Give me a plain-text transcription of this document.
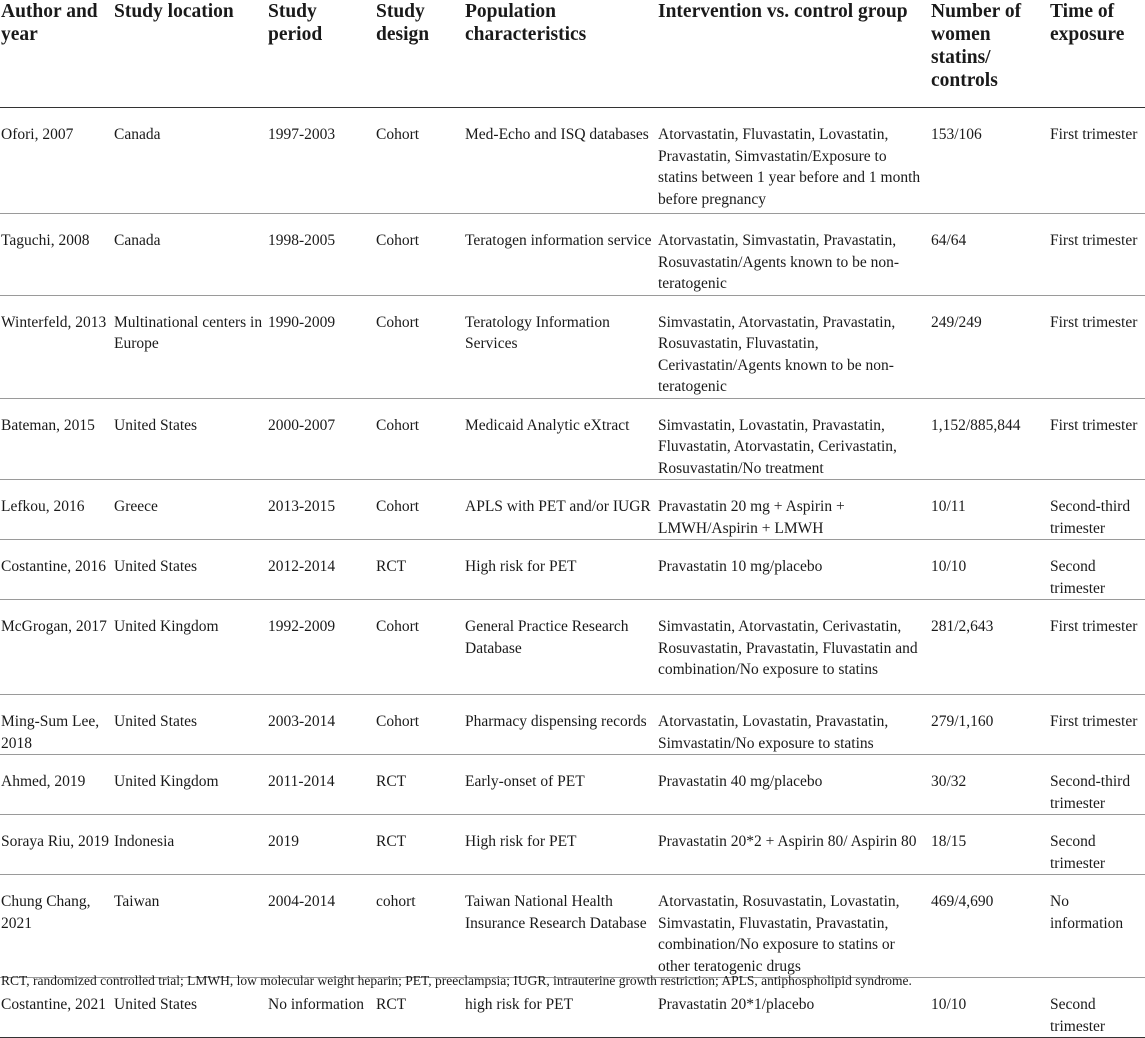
Author and year	Study location	Study period	Study design	Population characteristics	Intervention vs. control group	Number of women statins/ controls	Time of exposure
Ofori, 2007	Canada	1997-2003	Cohort	Med-Echo and ISQ databases	Atorvastatin, Fluvastatin, Lovastatin, Pravastatin, Simvastatin/Exposure to statins between 1 year before and 1 month before pregnancy	153/106	First trimester
Taguchi, 2008	Canada	1998-2005	Cohort	Teratogen information service	Atorvastatin, Simvastatin, Pravastatin, Rosuvastatin/Agents known to be non-teratogenic	64/64	First trimester
Winterfeld, 2013	Multinational centers in Europe	1990-2009	Cohort	Teratology Information Services	Simvastatin, Atorvastatin, Pravastatin, Rosuvastatin, Fluvastatin, Cerivastatin/Agents known to be non-teratogenic	249/249	First trimester
Bateman, 2015	United States	2000-2007	Cohort	Medicaid Analytic eXtract	Simvastatin, Lovastatin, Pravastatin, Fluvastatin, Atorvastatin, Cerivastatin, Rosuvastatin/No treatment	1,152/885,844	First trimester
Lefkou, 2016	Greece	2013-2015	Cohort	APLS with PET and/or IUGR	Pravastatin 20 mg + Aspirin + LMWH/Aspirin + LMWH	10/11	Second-third trimester
Costantine, 2016	United States	2012-2014	RCT	High risk for PET	Pravastatin 10 mg/placebo	10/10	Second trimester
McGrogan, 2017	United Kingdom	1992-2009	Cohort	General Practice Research Database	Simvastatin, Atorvastatin, Cerivastatin, Rosuvastatin, Pravastatin, Fluvastatin and combination/No exposure to statins	281/2,643	First trimester
Ming-Sum Lee, 2018	United States	2003-2014	Cohort	Pharmacy dispensing records	Atorvastatin, Lovastatin, Pravastatin, Simvastatin/No exposure to statins	279/1,160	First trimester
Ahmed, 2019	United Kingdom	2011-2014	RCT	Early-onset of PET	Pravastatin 40 mg/placebo	30/32	Second-third trimester
Soraya Riu, 2019	Indonesia	2019	RCT	High risk for PET	Pravastatin 20*2 + Aspirin 80/ Aspirin 80	18/15	Second trimester
Chung Chang, 2021	Taiwan	2004-2014	cohort	Taiwan National Health Insurance Research Database	Atorvastatin, Rosuvastatin, Lovastatin, Simvastatin, Fluvastatin, Pravastatin, combination/No exposure to statins or other teratogenic drugs	469/4,690	No information
Costantine, 2021	United States	No information	RCT	high risk for PET	Pravastatin 20*1/placebo	10/10	Second trimester
RCT, randomized controlled trial; LMWH, low molecular weight heparin; PET, preeclampsia; IUGR, intrauterine growth restriction; APLS, antiphospholipid syndrome.
